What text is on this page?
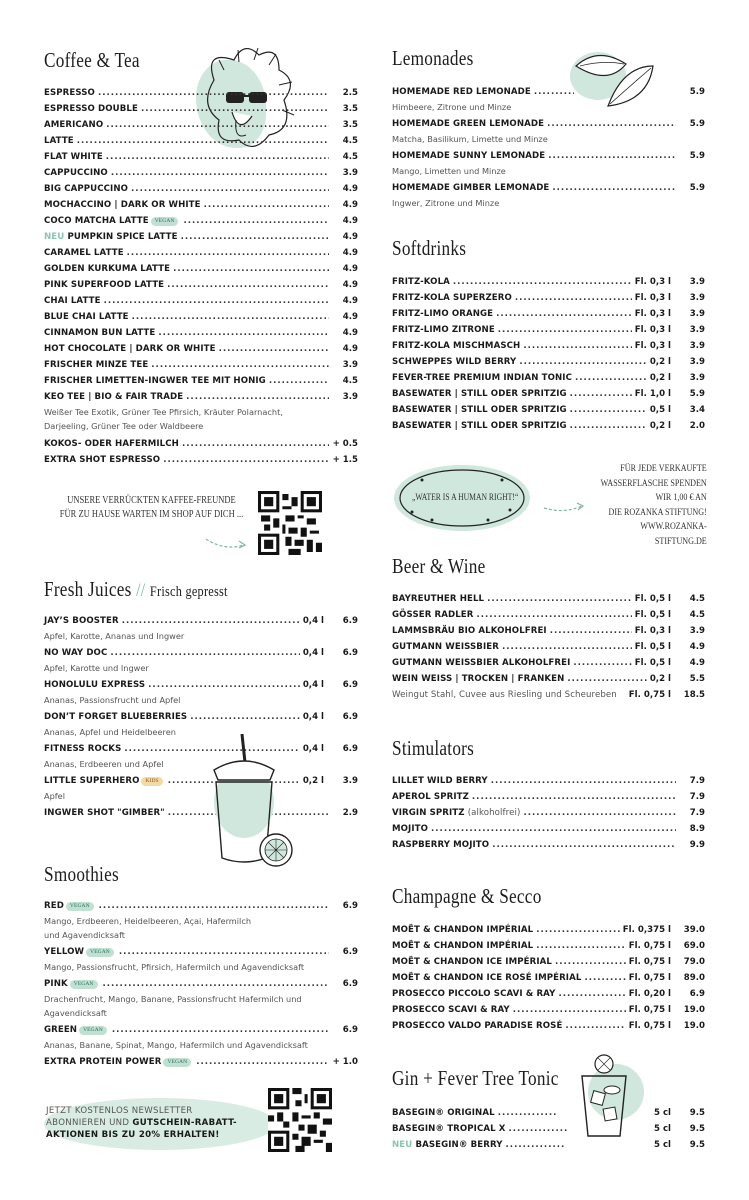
Coffee & Tea
ESPRESSO .....	2.5
ESPRESSO DOUBLE .....	3.5
AMERICANO .....	3.5
LATTE .....	4.5
FLAT WHITE .....	4.5
CAPPUCCINO .....	3.9
BIG CAPPUCCINO .....	4.9
MOCHACCINO | DARK OR WHITE .....	4.9
COCO MATCHA LATTE VEGAN .....	4.9
NEU PUMPKIN SPICE LATTE .....	4.9
CARAMEL LATTE .....	4.9
GOLDEN KURKUMA LATTE .....	4.9
PINK SUPERFOOD LATTE .....	4.9
CHAI LATTE .....	4.9
BLUE CHAI LATTE .....	4.9
CINNAMON BUN LATTE .....	4.9
HOT CHOCOLATE | DARK OR WHITE .....	4.9
FRISCHER MINZE TEE .....	3.9
FRISCHER LIMETTEN-INGWER TEE MIT HONIG .....	4.5
KEO TEE | BIO & FAIR TRADE .....	3.9
Weißer Tee Exotik, Grüner Tee Pfirsich, Kräuter Polarnacht, Darjeeling, Grüner Tee oder Waldbeere
KOKOS- ODER HAFERMILCH .....	+ 0.5
EXTRA SHOT ESPRESSO .....	+ 1.5
UNSERE VERRÜCKTEN KAFFEE-FREUNDE FÜR ZU HAUSE WARTEN IM SHOP AUF DICH ...
Fresh Juices // Frisch gepresst
JAY’S BOOSTER .....	0,4 l	6.9
Apfel, Karotte, Ananas und Ingwer
NO WAY DOC .....	0,4 l	6.9
Apfel, Karotte und Ingwer
HONOLULU EXPRESS .....	0,4 l	6.9
Ananas, Passionsfrucht und Apfel
DON’T FORGET BLUEBERRIES .....	0,4 l	6.9
Ananas, Apfel und Heidelbeeren
FITNESS ROCKS .....	0,4 l	6.9
Ananas, Erdbeeren und Apfel
LITTLE SUPERHERO KIDS .....	0,2 l	3.9
Apfel
INGWER SHOT "GIMBER" .....	2.9
Smoothies
RED VEGAN .....	6.9
Mango, Erdbeeren, Heidelbeeren, Açai, Hafermilch
und Agavendicksaft
YELLOW VEGAN .....	6.9
Mango, Passionsfrucht, Pfirsich, Hafermilch und Agavendicksaft
PINK VEGAN .....	6.9
Drachenfrucht, Mango, Banane, Passionsfrucht Hafermilch und
Agavendicksaft
GREEN VEGAN .....	6.9
Ananas, Banane, Spinat, Mango, Hafermilch und Agavendicksaft
EXTRA PROTEIN POWER VEGAN .....	+ 1.0
JETZT KOSTENLOS NEWSLETTER
ABONNIEREN UND GUTSCHEIN-RABATT-
AKTIONEN BIS ZU 20% ERHALTEN!
Lemonades
HOMEMADE RED LEMONADE .....	5.9
Himbeere, Zitrone und Minze
HOMEMADE GREEN LEMONADE .....	5.9
Matcha, Basilikum, Limette und Minze
HOMEMADE SUNNY LEMONADE .....	5.9
Mango, Limetten und Minze
HOMEMADE GIMBER LEMONADE .....	5.9
Ingwer, Zitrone und Minze
Softdrinks
FRITZ-KOLA .....	Fl. 0,3 l	3.9
FRITZ-KOLA SUPERZERO .....	Fl. 0,3 l	3.9
FRITZ-LIMO ORANGE .....	Fl. 0,3 l	3.9
FRITZ-LIMO ZITRONE .....	Fl. 0,3 l	3.9
FRITZ-KOLA MISCHMASCH .....	Fl. 0,3 l	3.9
SCHWEPPES WILD BERRY .....	0,2 l	3.9
FEVER-TREE PREMIUM INDIAN TONIC .....	0,2 l	3.9
BASEWATER | STILL ODER SPRITZIG .....	Fl. 1,0 l	5.9
BASEWATER | STILL ODER SPRITZIG .....	0,5 l	3.4
BASEWATER | STILL ODER SPRITZIG .....	0,2 l	2.0
„WATER IS A HUMAN RIGHT!“
FÜR JEDE VERKAUFTE
WASSERFLASCHE SPENDEN
WIR 1,00 € AN
DIE ROZANKA STIFTUNG!
WWW.ROZANKA-STIFTUNG.DE
Beer & Wine
BAYREUTHER HELL .....	Fl. 0,5 l	4.5
GÖSSER RADLER .....	Fl. 0,5 l	4.5
LAMMSBRÄU BIO ALKOHOLFREI .....	Fl. 0,3 l	3.9
GUTMANN WEISSBIER .....	Fl. 0,5 l	4.9
GUTMANN WEISSBIER ALKOHOLFREI .....	Fl. 0,5 l	4.9
WEIN WEISS | TROCKEN | FRANKEN .....	0,2 l	5.5
Weingut Stahl, Cuvee aus Riesling und Scheureben Fl. 0,75 l	18.5
Stimulators
LILLET WILD BERRY .....	7.9
APEROL SPRITZ .....	7.9
VIRGIN SPRITZ (alkoholfrei) .....	7.9
MOJITO .....	8.9
RASPBERRY MOJITO .....	9.9
Champagne & Secco
MOËT & CHANDON IMPÉRIAL .....	Fl. 0,375 l	39.0
MOËT & CHANDON IMPÉRIAL .....	Fl. 0,75 l	69.0
MOËT & CHANDON ICE IMPÉRIAL .....	Fl. 0,75 l	79.0
MOËT & CHANDON ICE ROSÉ IMPÉRIAL .....	Fl. 0,75 l	89.0
PROSECCO PICCOLO SCAVI & RAY .....	Fl. 0,20 l	6.9
PROSECCO SCAVI & RAY .....	Fl. 0,75 l	19.0
PROSECCO VALDO PARADISE ROSÉ .....	Fl. 0,75 l	19.0
Gin + Fever Tree Tonic
BASEGIN® ORIGINAL .....	5 cl	9.5
BASEGIN® TROPICAL X .....	5 cl	9.5
NEU BASEGIN® BERRY .....	5 cl	9.5
